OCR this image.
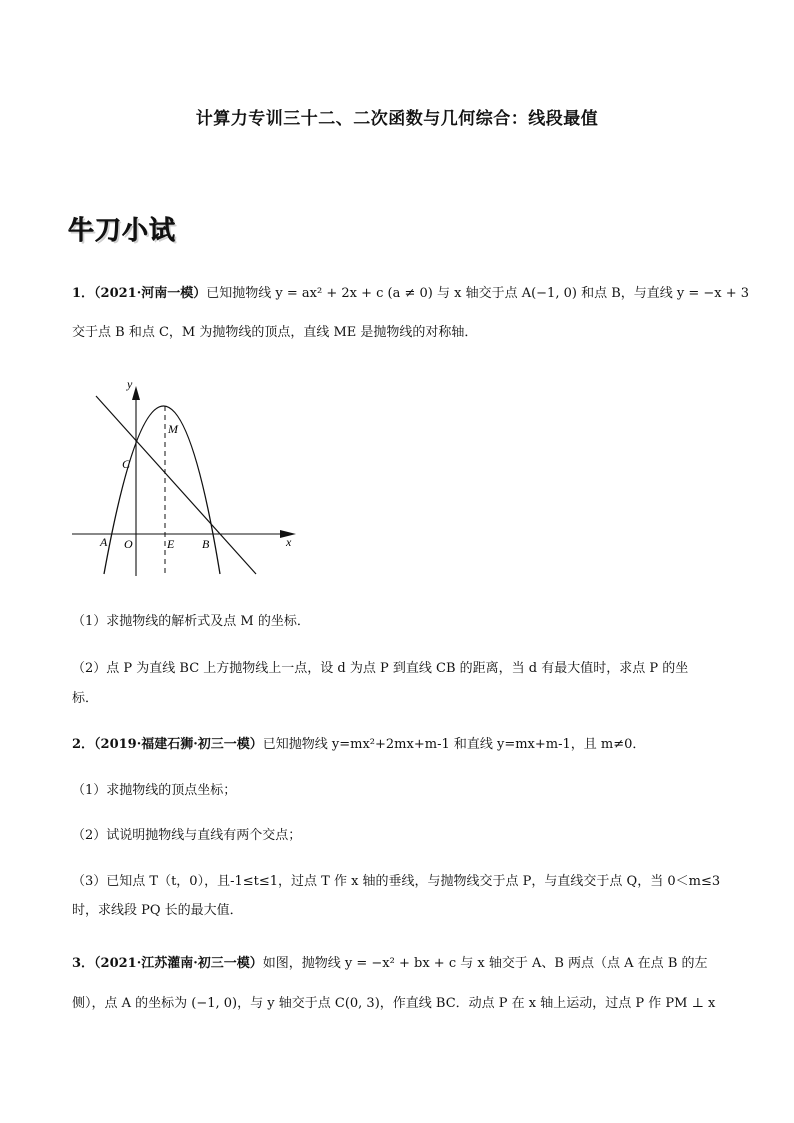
计算力专训三十二、二次函数与几何综合：线段最值
牛刀小试
1．（2021·河南一模）已知抛物线 y = ax² + 2x + c (a ≠ 0) 与 x 轴交于点 A(−1, 0) 和点 B，与直线 y = −x + 3
交于点 B 和点 C，M 为抛物线的顶点，直线 ME 是抛物线的对称轴．
y
x
M
C
A O	E B
（1）求抛物线的解析式及点 M 的坐标．
（2）点 P 为直线 BC 上方抛物线上一点，设 d 为点 P 到直线 CB 的距离，当 d 有最大值时，求点 P 的坐
标．
2．（2019·福建石狮·初三一模）已知抛物线 y=mx²+2mx+m-1 和直线 y=mx+m-1，且 m≠0．
（1）求抛物线的顶点坐标；
（2）试说明抛物线与直线有两个交点；
（3）已知点 T（t，0），且-1≤t≤1，过点 T 作 x 轴的垂线，与抛物线交于点 P，与直线交于点 Q，当 0＜m≤3
时，求线段 PQ 长的最大值．
3．（2021·江苏灌南·初三一模）如图，抛物线 y = −x² + bx + c 与 x 轴交于 A、B 两点（点 A 在点 B 的左
侧），点 A 的坐标为 (−1, 0)，与 y 轴交于点 C(0, 3)，作直线 BC．动点 P 在 x 轴上运动，过点 P 作 PM ⊥ x
